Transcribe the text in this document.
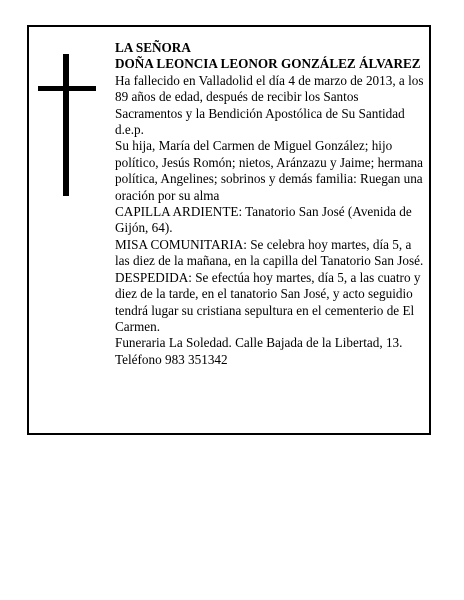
LA SEÑORA

DOÑA LEONCIA LEONOR GONZÁLEZ ÁLVAREZ

Ha fallecido en Valladolid el día 4 de marzo de 2013, a los 89 años de edad, después de recibir los Santos Sacramentos y la Bendición Apostólica de Su Santidad d.e.p.

Su hija, María del Carmen de Miguel González; hijo político, Jesús Romón; nietos, Aránzazu y Jaime; hermana política, Angelines; sobrinos y demás familia: Ruegan una oración por su alma

CAPILLA ARDIENTE: Tanatorio San José (Avenida de Gijón, 64).

MISA COMUNITARIA: Se celebra hoy martes, día 5, a las diez de la mañana, en la capilla del Tanatorio San José.

DESPEDIDA: Se efectúa hoy martes, día 5, a las cuatro y diez de la tarde, en el tanatorio San José, y acto seguidio tendrá lugar su cristiana sepultura en el cementerio de El Carmen.

Funeraria La Soledad. Calle Bajada de la Libertad, 13. Teléfono 983 351342
